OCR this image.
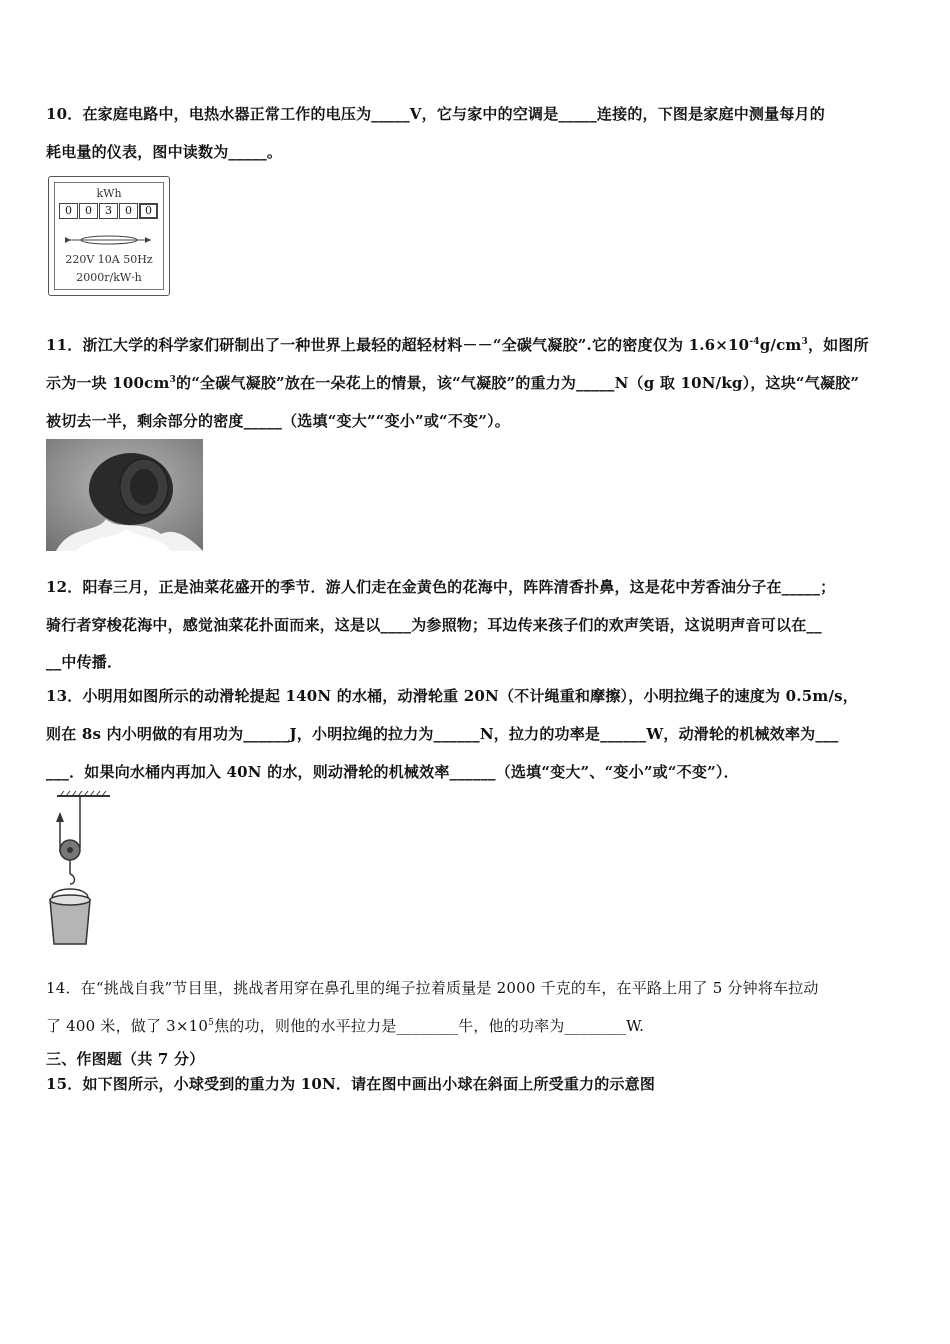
10．在家庭电路中，电热水器正常工作的电压为_____V，它与家中的空调是_____连接的，下图是家庭中测量每月的
耗电量的仪表，图中读数为_____。
kWh
0	0	3	0	0
220V 10A 50Hz
2000r/kW·h
11．浙江大学的科学家们研制出了一种世界上最轻的超轻材料－－“全碳气凝胶”.它的密度仅为 $1.6\times 10^{-4}g/cm^3$，如图所
示为一块 $100cm^3$的“全碳气凝胶”放在一朵花上的情景，该“气凝胶”的重力为_____N（g 取 10N/kg），这块“气凝胶”
被切去一半，剩余部分的密度_____（选填“变大”“变小”或“不变”）。
12．阳春三月，正是油菜花盛开的季节．游人们走在金黄色的花海中，阵阵清香扑鼻，这是花中芳香油分子在_____；
骑行者穿梭花海中，感觉油菜花扑面而来，这是以____为参照物；耳边传来孩子们的欢声笑语，这说明声音可以在__
__中传播．
13．小明用如图所示的动滑轮提起 140N 的水桶，动滑轮重 20N（不计绳重和摩擦），小明拉绳子的速度为 0.5m/s，
则在 8s 内小明做的有用功为______J，小明拉绳的拉力为______N，拉力的功率是______W，动滑轮的机械效率为___
___．如果向水桶内再加入 40N 的水，则动滑轮的机械效率______（选填“变大”、“变小”或“不变”）．
14．在“挑战自我”节目里，挑战者用穿在鼻孔里的绳子拉着质量是 2000 千克的车，在平路上用了 5 分钟将车拉动
了 400 米，做了 $3\times 10^5$焦的功，则他的水平拉力是________牛，他的功率为________W.
三、作图题（共 7 分）
15．如下图所示，小球受到的重力为 10N．请在图中画出小球在斜面上所受重力的示意图
